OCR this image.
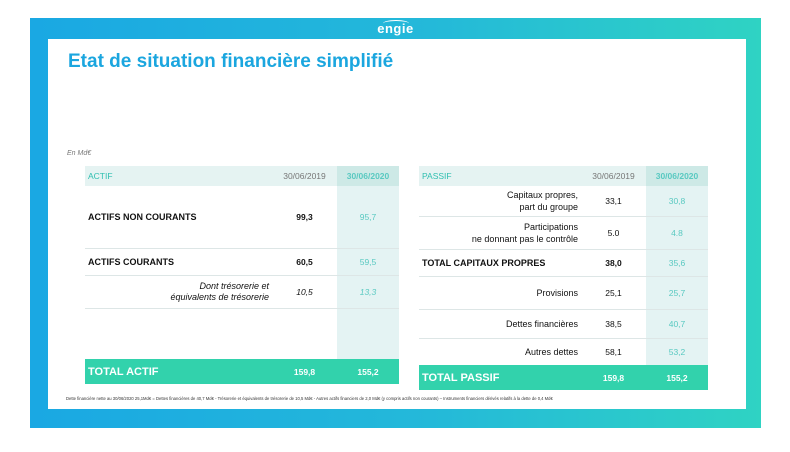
engie
Etat de situation financière simplifié
En Md€
ACTIF	30/06/2019	30/06/2020
ACTIFS NON COURANTS	99,3	95,7
ACTIFS COURANTS	60,5	59,5

Dont trésorerie et
équivalents de trésorerie	10,5	13,3

TOTAL ACTIF	159,8	155,2
PASSIF	30/06/2019	30/06/2020

Capitaux propres,
part du groupe	33,1	30,8

Participations
ne donnant pas le contrôle	5.0	4.8
TOTAL CAPITAUX PROPRES	38,0	35,6
Provisions	25,1	25,7
Dettes financières	38,5	40,7
Autres dettes	58,1	53,2
TOTAL PASSIF	159,8	155,2
Dette financière nette au 30/06/2020 25,1Md€ = Dettes financières de 40,7 Md€ - Trésorerie et équivalents de trésorerie de 10,5 Md€ - Autres actifs financiers de 2,0 Md€ (y compris actifs non courants) – Instruments financiers dérivés relatifs à la dette de 0,4 Md€
